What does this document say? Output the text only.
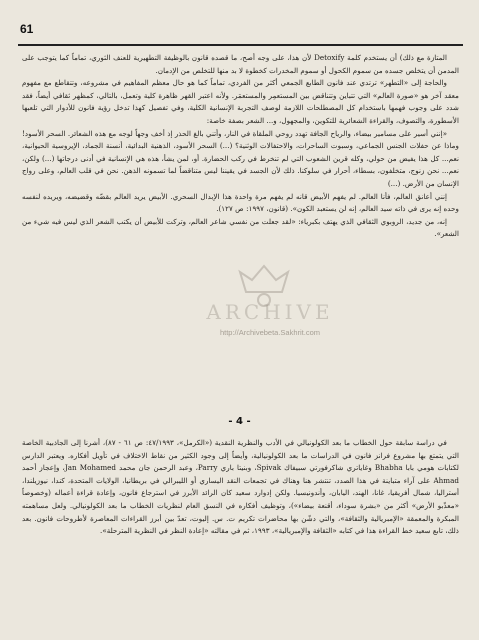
61

المتازة مع ذلك) أن يستخدم كلمة Detoxify لأن هذا، على وجه أصح، ما قصده قانون بالوظيفة التطهيرية للعنف الثوري، تماماً كما يتوجب على المدمن أن يتخلص جسده من سموم الكحول أو سموم المخدرات كخطوة لا بد منها للتخلص من الإدمان.

والحاجة إلى «التطهر» ترتدي عند فانون الطابع الجمعي أكثر من الفردي، تماماً كما هو حال معظم المفاهيم في مشروعه، وتتقاطع مع مفهوم معقد آخر هو «صورة العالم» التي تتباين وتتناقض بين المستعمِر والمستعمَر. ولأنه اعتبر القهر ظاهرة كلية وتعمل، بالتالي، كمظهر ثقافي أيضاً، فقد شدد على وجوب فهمها باستخدام كل المصطلحات اللازمة لوصف التجربة الإنسانية الكلية، وفي تفصيل كهذا تدخل رؤية فانون للأدوار التي تلعبها الأسطورة، والتصوف، والقراءة الشعائرية للتكوين، والمجهول، و... الشعر بصفة خاصة:

«إنني أسير على مسامير بيضاء، والرياح الجافة تهدد روحي الملقاة في النار، وأتني بالغ الحذر إذ أخف وجهاً لوجه مع هذه الشعائر. السحر الأسود! وماذا عن حفلات الجنس الجماعي، وسبوت الساحرات، والاحتفالات الوثنية؟ (...) السحر الأسود، الذهنية البدائية، أنسنة الجماد، الإيروسية الحيوانية، نعم... كل هذا يفيض من حولي، وكله قرين الشعوب التي لم تنخرط في ركب الحضارة. أو، لمن يشأ، هذه هي الإنسانية في أدنى درجاتها (...) ولكن، نعم... نحن زنوج، متخلفون، بسطاء، أحرار في سلوكنا. ذلك لأن الجسد في يقيننا ليس متناقضاً لما تسمونه الذهن. نحن في قلب العالم، وعلى رواج الإنسان من الأرض. (...)

إنني أعانق العالم، فأنا العالم. لم يفهم الأبيض قانه لم يفهم مرة واحدة هذا الإبدال السحري. الأبيض يريد العالم بقضّه وقضيضه، ويريده لنفسه وحده إنه يرى في ذاته سيد العالم، إنه لن يستعبد الكون». (قانون، ١٩٩٧: ص ١٢٧).

إنه، من جديد، الروبوي الثقافي الذي يهتف بكبرياء: «لقد جعلت من نفسي شاعر العالم، وتركت للأبيض أن يكتب الشعر الذي ليس فيه شيء من الشعر».

- 4 -

في دراسة سابقة حول الخطاب ما بعد الكولونيالي في الأدب والنظرية النقدية («الكرمل»، ٤٧/١٩٩٣: ص ٦١ - ٨٧)، أشرنا إلى الجاذبية الخاصة التي يتمتع بها مشروع فرانز فانون في الدراسات ما بعد الكولونيالية، وأيضاً إلى وجود الكثير من نقاط الاختلاف في تأويل أفكاره. ويعتبر الدارس لكتابات هومي بابا Bhabha وغاياتري شاكرفورتي سبيفاك Spivak، وبنيتا باري Parry، وعبد الرحمن جان محمد Jan Mohamed، وإعجاز أحمد Ahmad على آراء متباينة في هذا الصدد، تنتشر هنا وهناك في تجمعات النقد اليساري أو الليبرالي في بريطانيا، الولايات المتحدة، كندا، نيوزيلندا، أستراليا، شمال أفريقيا، غانا، الهند، اليابان، وأندونيسيا. ولكن إدوارد سعيد كان الرائد الأبرز في استرجاع فانون، وإعادة قراءة أعماله (وخصوصاً «معذّبو الأرض» أكثر من «بشرة سوداء، أقنعة بيضاء»)، وتوظيف أفكاره في النسق العام لنظريات الخطاب ما بعد الكولونيالي. ولعل مساهمته المبكرة والمعمقة «الإمبريالية والثقافة»، والتي دشّن بها محاضرات تكريم ت. س. إليوت، تعدّ بين أبرز القراءات المعاصرة لأطروحات فانون. بعد ذلك، تابع سعيد خط القراءة هذا في كتابه «الثقافة والإمبريالية»، ١٩٩٣، ثم في مقالته «إعادة النظر في النظرية المترحلة».

ARCHIVE
http://Archivebeta.Sakhrit.com
